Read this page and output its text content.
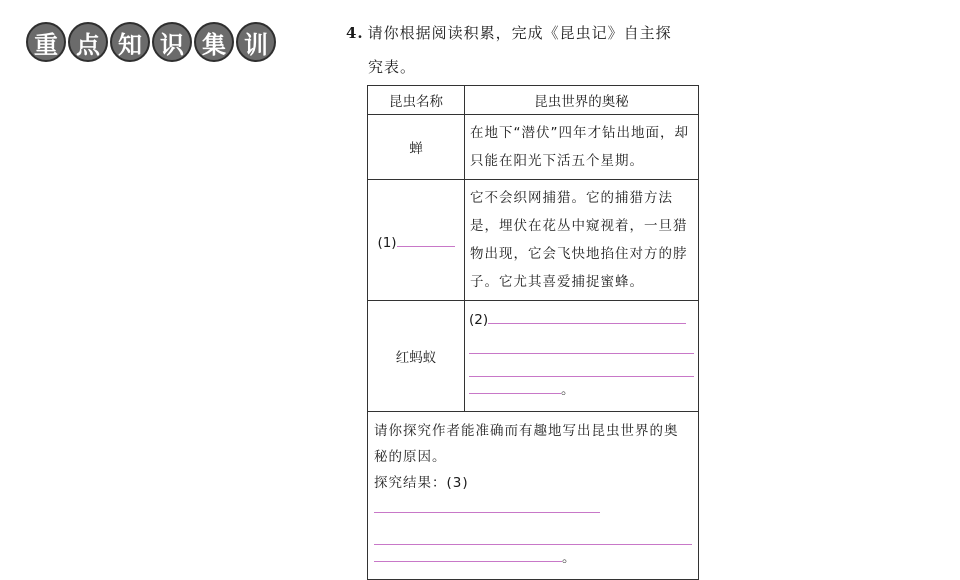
重 点 知 识 集 训	4. 请你根据阅读积累，完成《昆虫记》自主探
究表。
昆虫名称	昆虫世界的奥秘
蝉	在地下“潜伏”四年才钻出地面，却只能在阳光下活五个星期。
(1)	它不会织网捕猎。它的捕猎方法是，埋伏在花丛中窥视着，一旦猎物出现，它会飞快地掐住对方的脖子。它尤其喜爱捕捉蜜蜂。
红蚂蚁	(2)
。

请你探究作者能准确而有趣地写出昆虫世界的奥秘的原因。
探究结果：(3)
。	
